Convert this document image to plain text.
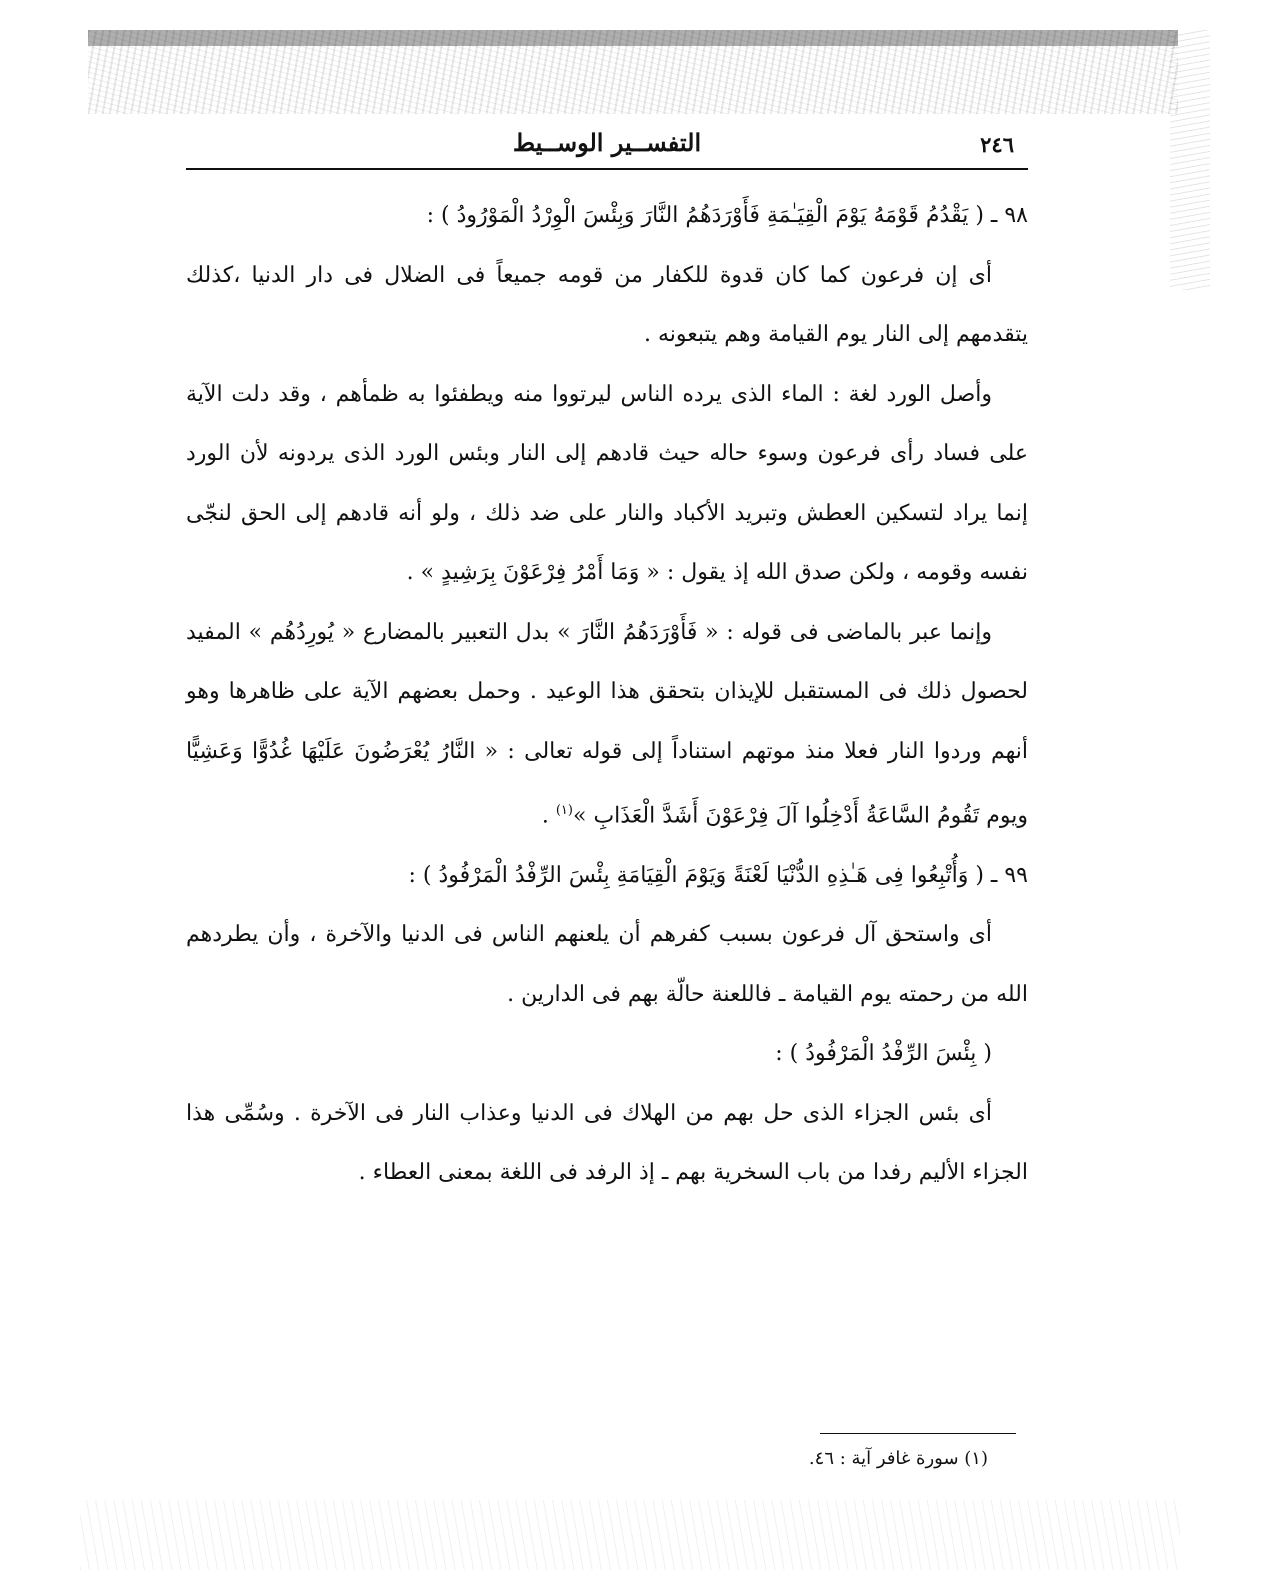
٢٤٦
التفســير الوســيط

٩٨ ـ ( يَقْدُمُ قَوْمَهُ يَوْمَ الْقِيَـٰمَةِ فَأَوْرَدَهُمُ النَّارَ وَبِئْسَ الْوِرْدُ الْمَوْرُودُ ) :

أى إن فرعون كما كان قدوة للكفار من قومه جميعاً فى الضلال فى دار الدنيا ،كذلك يتقدمهم إلى النار يوم القيامة وهم يتبعونه .

وأصل الورد لغة : الماء الذى يرده الناس ليرتووا منه ويطفئوا به ظمأهم ، وقد دلت الآية على فساد رأى فرعون وسوء حاله حيث قادهم إلى النار وبئس الورد الذى يردونه لأن الورد إنما يراد لتسكين العطش وتبريد الأكباد والنار على ضد ذلك ، ولو أنه قادهم إلى الحق لنجّى نفسه وقومه ، ولكن صدق الله إذ يقول : « وَمَا أَمْرُ فِرْعَوْنَ بِرَشِيدٍ » .

وإنما عبر بالماضى فى قوله : « فَأَوْرَدَهُمُ النَّارَ » بدل التعبير بالمضارع « يُورِدُهُم » المفيد لحصول ذلك فى المستقبل للإيذان بتحقق هذا الوعيد . وحمل بعضهم الآية على ظاهرها وهو أنهم وردوا النار فعلا منذ موتهم استناداً إلى قوله تعالى : « النَّارُ يُعْرَضُونَ عَلَيْهَا غُدُوًّا وَعَشِيًّا ويوم تَقُومُ السَّاعَةُ أَدْخِلُوا آلَ فِرْعَوْنَ أَشَدَّ الْعَذَابِ »$^{(١)}$ .

٩٩ ـ ( وَأُتْبِعُوا فِى هَـٰذِهِ الدُّنْيَا لَعْنَةً وَيَوْمَ الْقِيَامَةِ بِئْسَ الرِّفْدُ الْمَرْفُودُ ) :

أى واستحق آل فرعون بسبب كفرهم أن يلعنهم الناس فى الدنيا والآخرة ، وأن يطردهم الله من رحمته يوم القيامة ـ فاللعنة حالّة بهم فى الدارين .

( بِئْسَ الرِّفْدُ الْمَرْفُودُ ) :

أى بئس الجزاء الذى حل بهم من الهلاك فى الدنيا وعذاب النار فى الآخرة . وسُمِّى هذا الجزاء الأليم رفدا من باب السخرية بهم ـ إذ الرفد فى اللغة بمعنى العطاء .

(١) سورة غافر آية : ٤٦.
